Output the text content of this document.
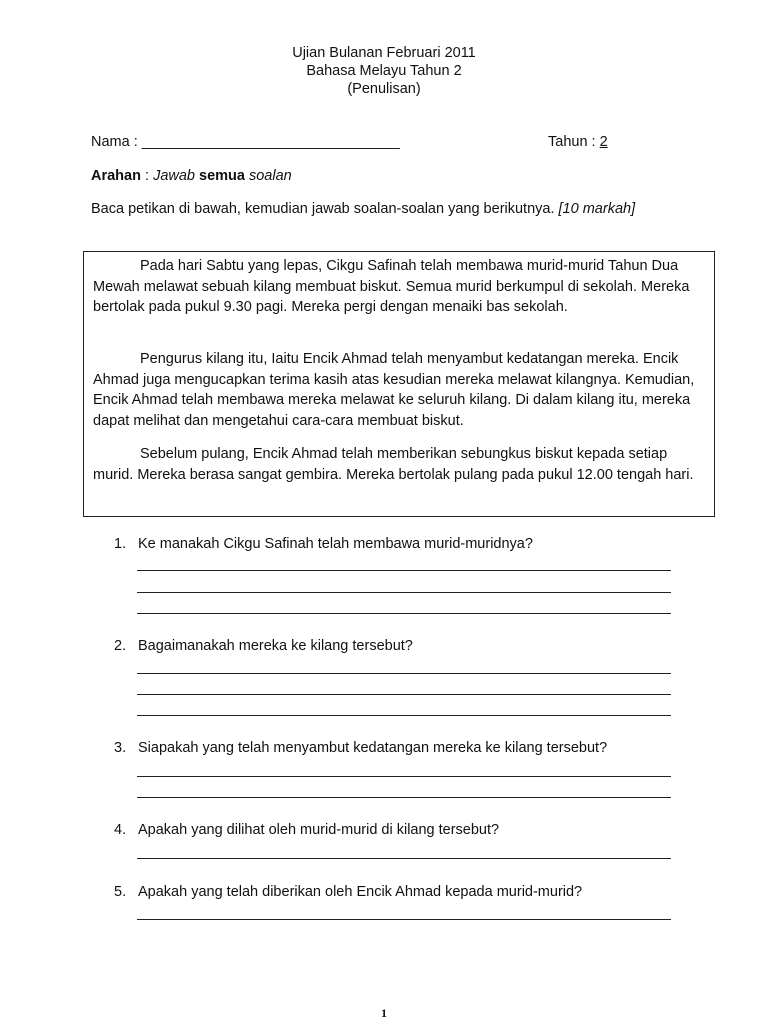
Ujian Bulanan Februari 2011
Bahasa Melayu Tahun 2
(Penulisan)
Nama : ________________________________	Tahun : 2
Arahan : Jawab semua soalan
Baca petikan di bawah, kemudian jawab soalan-soalan yang berikutnya. [10 markah]
Pada hari Sabtu yang lepas, Cikgu Safinah telah membawa murid-murid Tahun Dua Mewah melawat sebuah kilang membuat biskut. Semua murid berkumpul di sekolah. Mereka bertolak pada pukul 9.30 pagi. Mereka pergi dengan menaiki bas sekolah.
Pengurus kilang itu, Iaitu Encik Ahmad telah menyambut kedatangan mereka. Encik Ahmad juga mengucapkan terima kasih atas kesudian mereka melawat kilangnya. Kemudian, Encik Ahmad telah membawa mereka melawat ke seluruh kilang. Di dalam kilang itu, mereka dapat melihat dan mengetahui cara-cara membuat biskut.
Sebelum pulang, Encik Ahmad telah memberikan sebungkus biskut kepada setiap murid. Mereka berasa sangat gembira. Mereka bertolak pulang pada pukul 12.00 tengah hari.
1. Ke manakah Cikgu Safinah telah membawa murid-muridnya?
2. Bagaimanakah mereka ke kilang tersebut?
3. Siapakah yang telah menyambut kedatangan mereka ke kilang tersebut?
4. Apakah yang dilihat oleh murid-murid di kilang tersebut?
5. Apakah yang telah diberikan oleh Encik Ahmad kepada murid-murid?
1
